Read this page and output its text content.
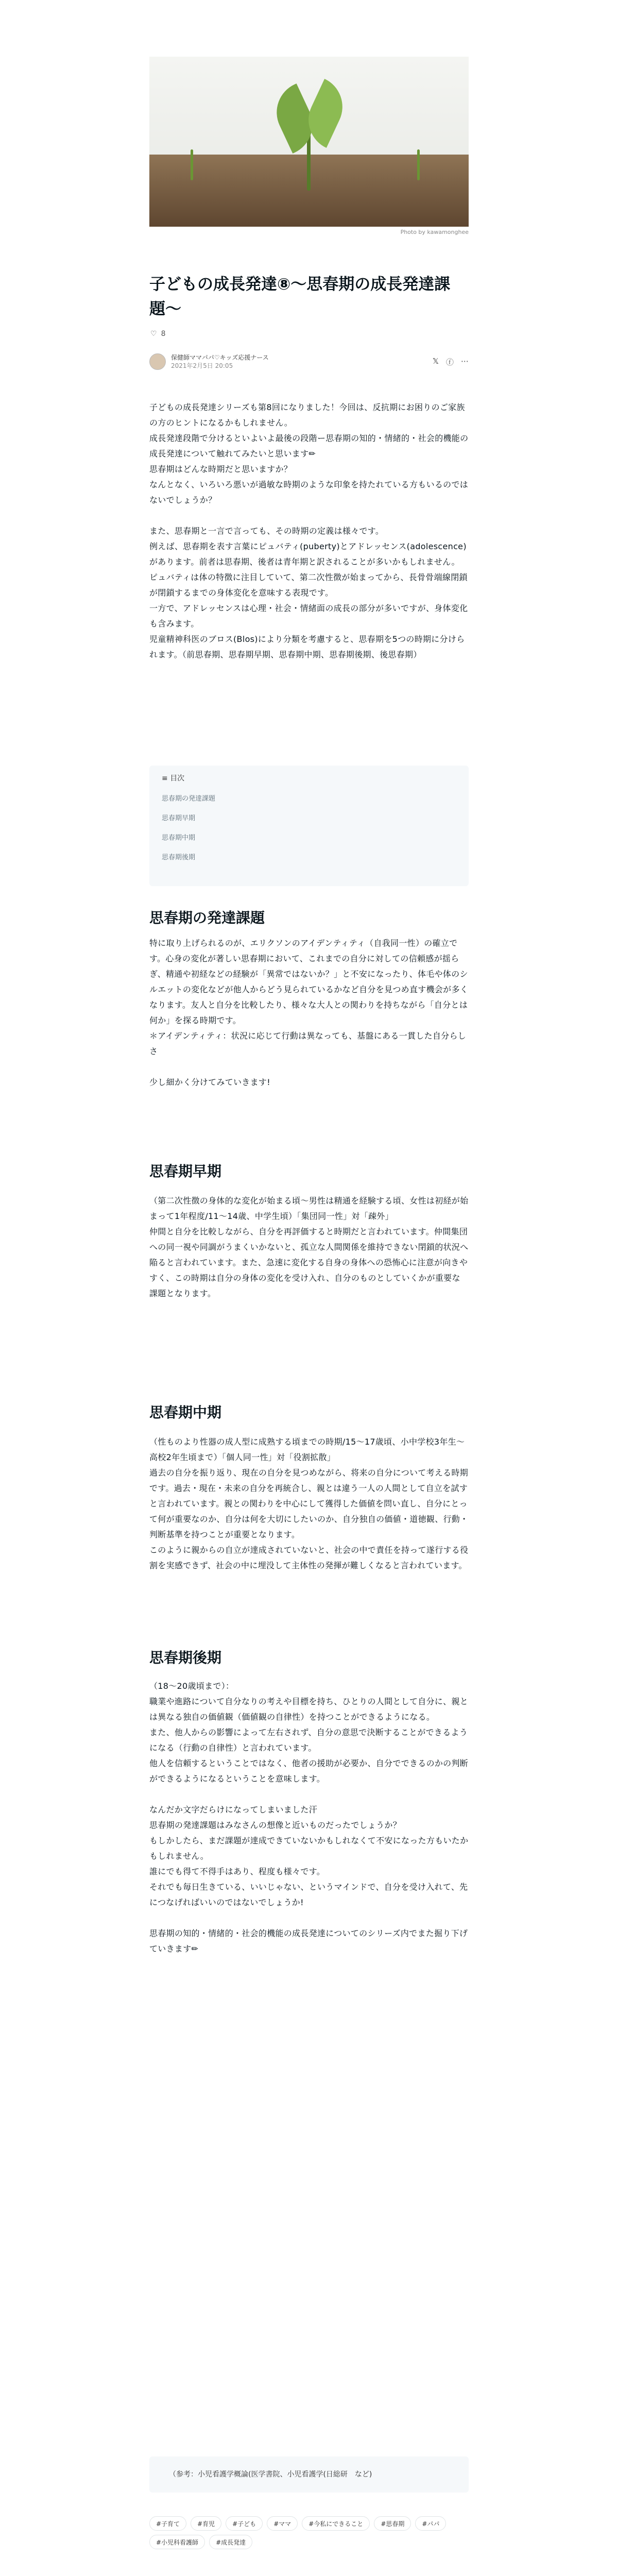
Photo by kawamonghee
子どもの成長発達⑧〜思春期の成長発達課題〜
♡ 8
保健師ママパパ♡キッズ応援ナース
2021年2月5日 20:05
𝕏 ⓕ ⋯

子どもの成長発達シリーズも第8回になりました！今回は、反抗期にお困りのご家族の方のヒントになるかもしれません。

成長発達段階で分けるといよいよ最後の段階ー思春期の知的・情緒的・社会的機能の成長発達について触れてみたいと思います✏

思春期はどんな時期だと思いますか？

なんとなく、いろいろ悪いが過敏な時期のような印象を持たれている方もいるのではないでしょうか？

また、思春期と一言で言っても、その時期の定義は様々です。

例えば、思春期を表す言葉にピュバティ(puberty)とアドレッセンス(adolescence)があります。前者は思春期、後者は青年期と訳されることが多いかもしれません。

ピュバティは体の特徴に注目していて、第二次性徴が始まってから、長骨骨端線閉鎖が閉鎖するまでの身体変化を意味する表現です。

一方で、アドレッセンスは心理・社会・情緒面の成長の部分が多いですが、身体変化も含みます。

児童精神科医のブロス(Blos)により分類を考慮すると、思春期を5つの時期に分けられます。（前思春期、思春期早期、思春期中期、思春期後期、後思春期）

≡ 目次
思春期の発達課題
思春期早期
思春期中期
思春期後期
思春期の発達課題

特に取り上げられるのが、エリクソンのアイデンティティ（自我同一性）の確立です。心身の変化が著しい思春期において、これまでの自分に対しての信頼感が揺らぎ、精通や初経などの経験が「異常ではないか？」と不安になったり、体毛や体のシルエットの変化などが他人からどう見られているかなど自分を見つめ直す機会が多くなります。友人と自分を比較したり、様々な大人との関わりを持ちながら「自分とは何か」を探る時期です。

＊アイデンティティ：状況に応じて行動は異なっても、基盤にある一貫した自分らしさ

少し細かく分けてみていきます!

思春期早期

（第二次性徴の身体的な変化が始まる頃〜男性は精通を経験する頃、女性は初経が始まって1年程度/11〜14歳、中学生頃）「集団同一性」対「疎外」

仲間と自分を比較しながら、自分を再評価すると時期だと言われています。仲間集団への同一視や同調がうまくいかないと、孤立な人間関係を維持できない閉鎖的状況へ陥ると言われています。また、急速に変化する自身の身体への恐怖心に注意が向きやすく、この時期は自分の身体の変化を受け入れ、自分のものとしていくかが重要な課題となります。

思春期中期

（性ものより性器の成人型に成熟する頃までの時期/15〜17歳頃、小中学校3年生〜高校2年生頃まで）「個人同一性」対「役割拡散」

過去の自分を振り返り、現在の自分を見つめながら、将来の自分について考える時期です。過去・現在・未来の自分を再統合し、親とは違う一人の人間として自立を試すと言われています。親との関わりを中心にして獲得した価値を問い直し、自分にとって何が重要なのか、自分は何を大切にしたいのか、自分独自の価値・道徳観、行動・判断基準を持つことが重要となります。

このように親からの自立が達成されていないと、社会の中で責任を持って遂行する役割を実感できず、社会の中に埋没して主体性の発揮が難しくなると言われています。

思春期後期

（18〜20歳頃まで）：

職業や進路について自分なりの考えや目標を持ち、ひとりの人間として自分に、親とは異なる独自の価値観（価値観の自律性）を持つことができるようになる。

また、他人からの影響によって左右されず、自分の意思で決断することができるようになる（行動の自律性）と言われています。

他人を信頼するということではなく、他者の援助が必要か、自分でできるのかの判断ができるようになるということを意味します。

なんだか文字だらけになってしまいました汗

思春期の発達課題はみなさんの想像と近いものだったでしょうか？

もしかしたら、まだ課題が達成できていないかもしれなくて不安になった方もいたかもしれません。

誰にでも得て不得手はあり、程度も様々です。

それでも毎日生きている、いいじゃない、というマインドで、自分を受け入れて、先につなげればいいのではないでしょうか!

思春期の知的・情緒的・社会的機能の成長発達についてのシリーズ内でまた掘り下げていきます✏

（参考：小児看護学概論(医学書院、小児看護学(日総研　など)
#子育て	#育児	#子ども	#ママ	#今私にできること	#思春期	#パパ
#小児科看護師	#成長発達
